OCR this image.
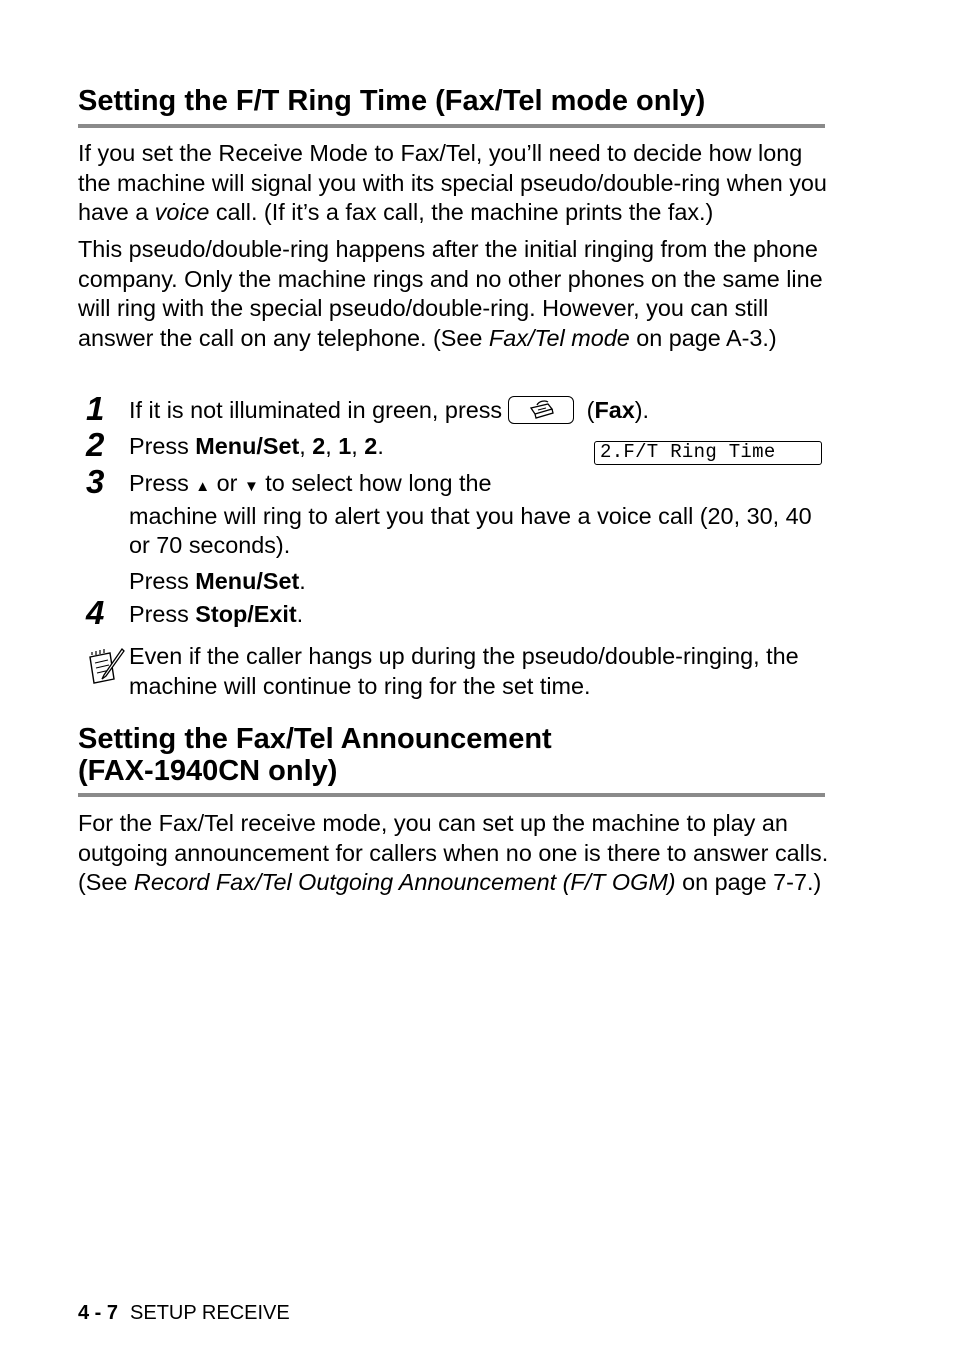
Setting the F/T Ring Time (Fax/Tel mode only)

If you set the Receive Mode to Fax/Tel, you’ll need to decide how long the machine will signal you with its special pseudo/double-ring when you have a voice call. (If it’s a fax call, the machine prints the fax.)

This pseudo/double-ring happens after the initial ringing from the phone company. Only the machine rings and no other phones on the same line will ring with the special pseudo/double-ring. However, you can still answer the call on any telephone. (See Fax/Tel mode on page A-3.)

1 If it is not illuminated in green, press	(Fax).
2 Press Menu/Set, 2, 1, 2.	2.F/T Ring Time
3 Press ▲ or ▼ to select how long the
machine will ring to alert you that you have a voice call (20, 30, 40 or 70 seconds).
Press Menu/Set.
4 Press Stop/Exit.
Even if the caller hangs up during the pseudo/double-ringing, the machine will continue to ring for the set time.
Setting the Fax/Tel Announcement
(FAX-1940CN only)

For the Fax/Tel receive mode, you can set up the machine to play an outgoing announcement for callers when no one is there to answer calls. (See Record Fax/Tel Outgoing Announcement (F/T OGM) on page 7-7.)

4 - 7 SETUP RECEIVE
